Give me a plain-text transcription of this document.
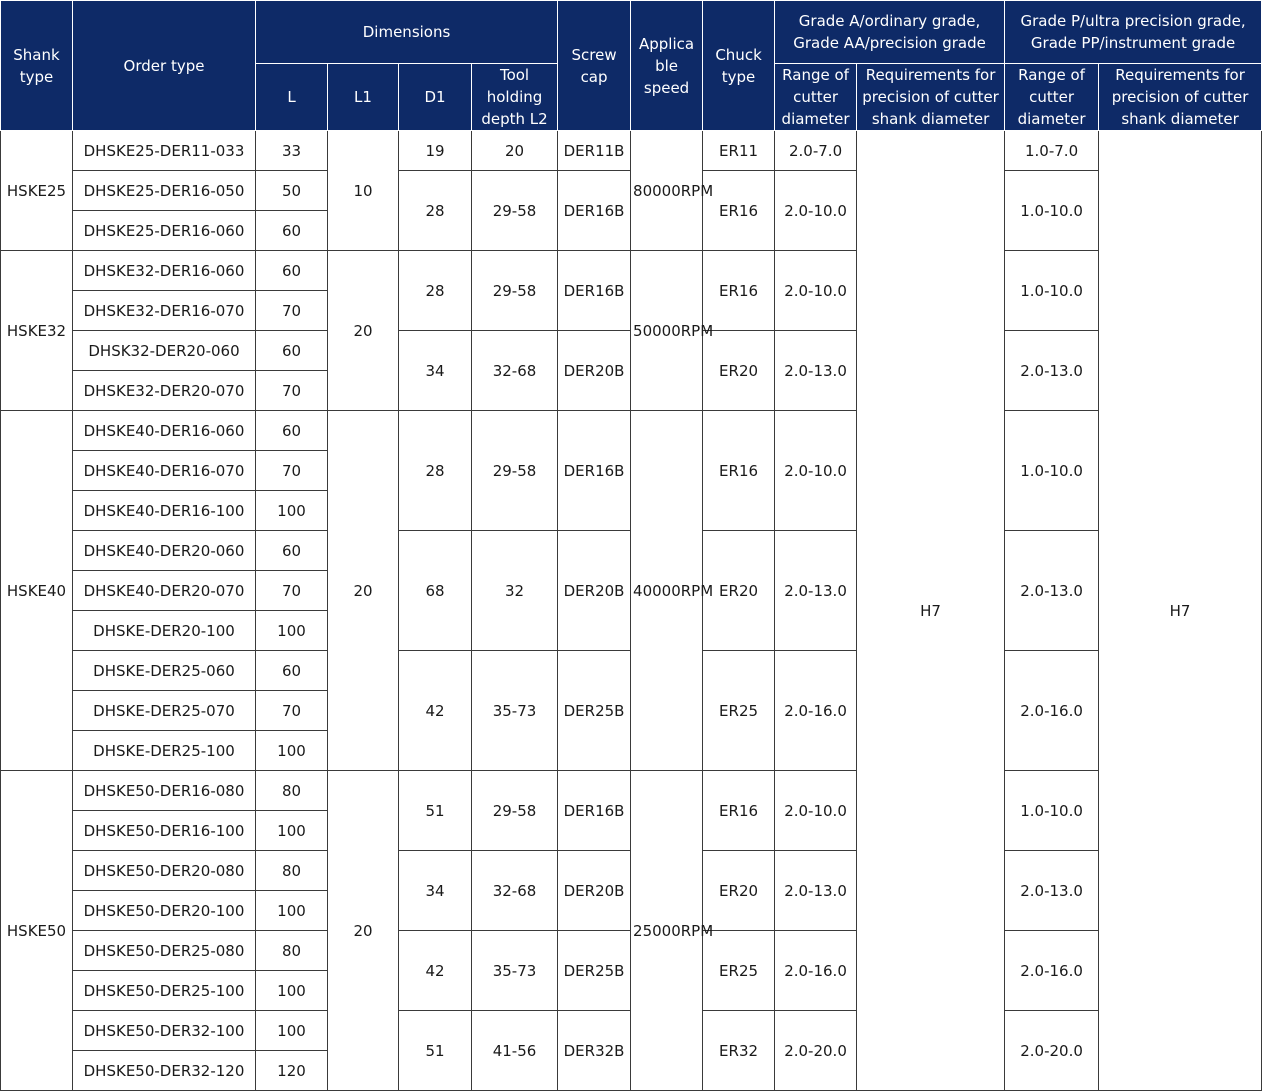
Shank type	Order type	Dimensions				Screw cap	Applica ble speed	Chuck type	Grade A/ordinary grade, Grade AA/precision grade		Grade P/ultra precision grade, Grade PP/instrument grade	
		L	L1	D1	Tool holding depth L2				Range of cutter diameter	Requirements for precision of cutter shank diameter	Range of cutter diameter	Requirements for precision of cutter shank diameter
HSKE25	DHSKE25-DER11-033	33	10	19	20	DER11B	80000RPM	ER11	2.0-7.0	H7	1.0-7.0	H7
	DHSKE25-DER16-050	50		28	29-58	DER16B		ER16	2.0-10.0		1.0-10.0	
	DHSKE25-DER16-060	60										
HSKE32	DHSKE32-DER16-060	60	20	28	29-58	DER16B	50000RPM	ER16	2.0-10.0		1.0-10.0	
	DHSKE32-DER16-070	70										
	DHSK32-DER20-060	60		34	32-68	DER20B		ER20	2.0-13.0		2.0-13.0	
	DHSKE32-DER20-070	70										
HSKE40	DHSKE40-DER16-060	60	20	28	29-58	DER16B	40000RPM	ER16	2.0-10.0		1.0-10.0	
	DHSKE40-DER16-070	70										
	DHSKE40-DER16-100	100										
	DHSKE40-DER20-060	60		68	32	DER20B		ER20	2.0-13.0		2.0-13.0	
	DHSKE40-DER20-070	70										
	DHSKE-DER20-100	100										
	DHSKE-DER25-060	60		42	35-73	DER25B		ER25	2.0-16.0		2.0-16.0	
	DHSKE-DER25-070	70										
	DHSKE-DER25-100	100										
HSKE50	DHSKE50-DER16-080	80	20	51	29-58	DER16B	25000RPM	ER16	2.0-10.0		1.0-10.0	
	DHSKE50-DER16-100	100										
	DHSKE50-DER20-080	80		34	32-68	DER20B		ER20	2.0-13.0		2.0-13.0	
	DHSKE50-DER20-100	100										
	DHSKE50-DER25-080	80		42	35-73	DER25B		ER25	2.0-16.0		2.0-16.0	
	DHSKE50-DER25-100	100										
	DHSKE50-DER32-100	100		51	41-56	DER32B		ER32	2.0-20.0		2.0-20.0	
	DHSKE50-DER32-120	120										
